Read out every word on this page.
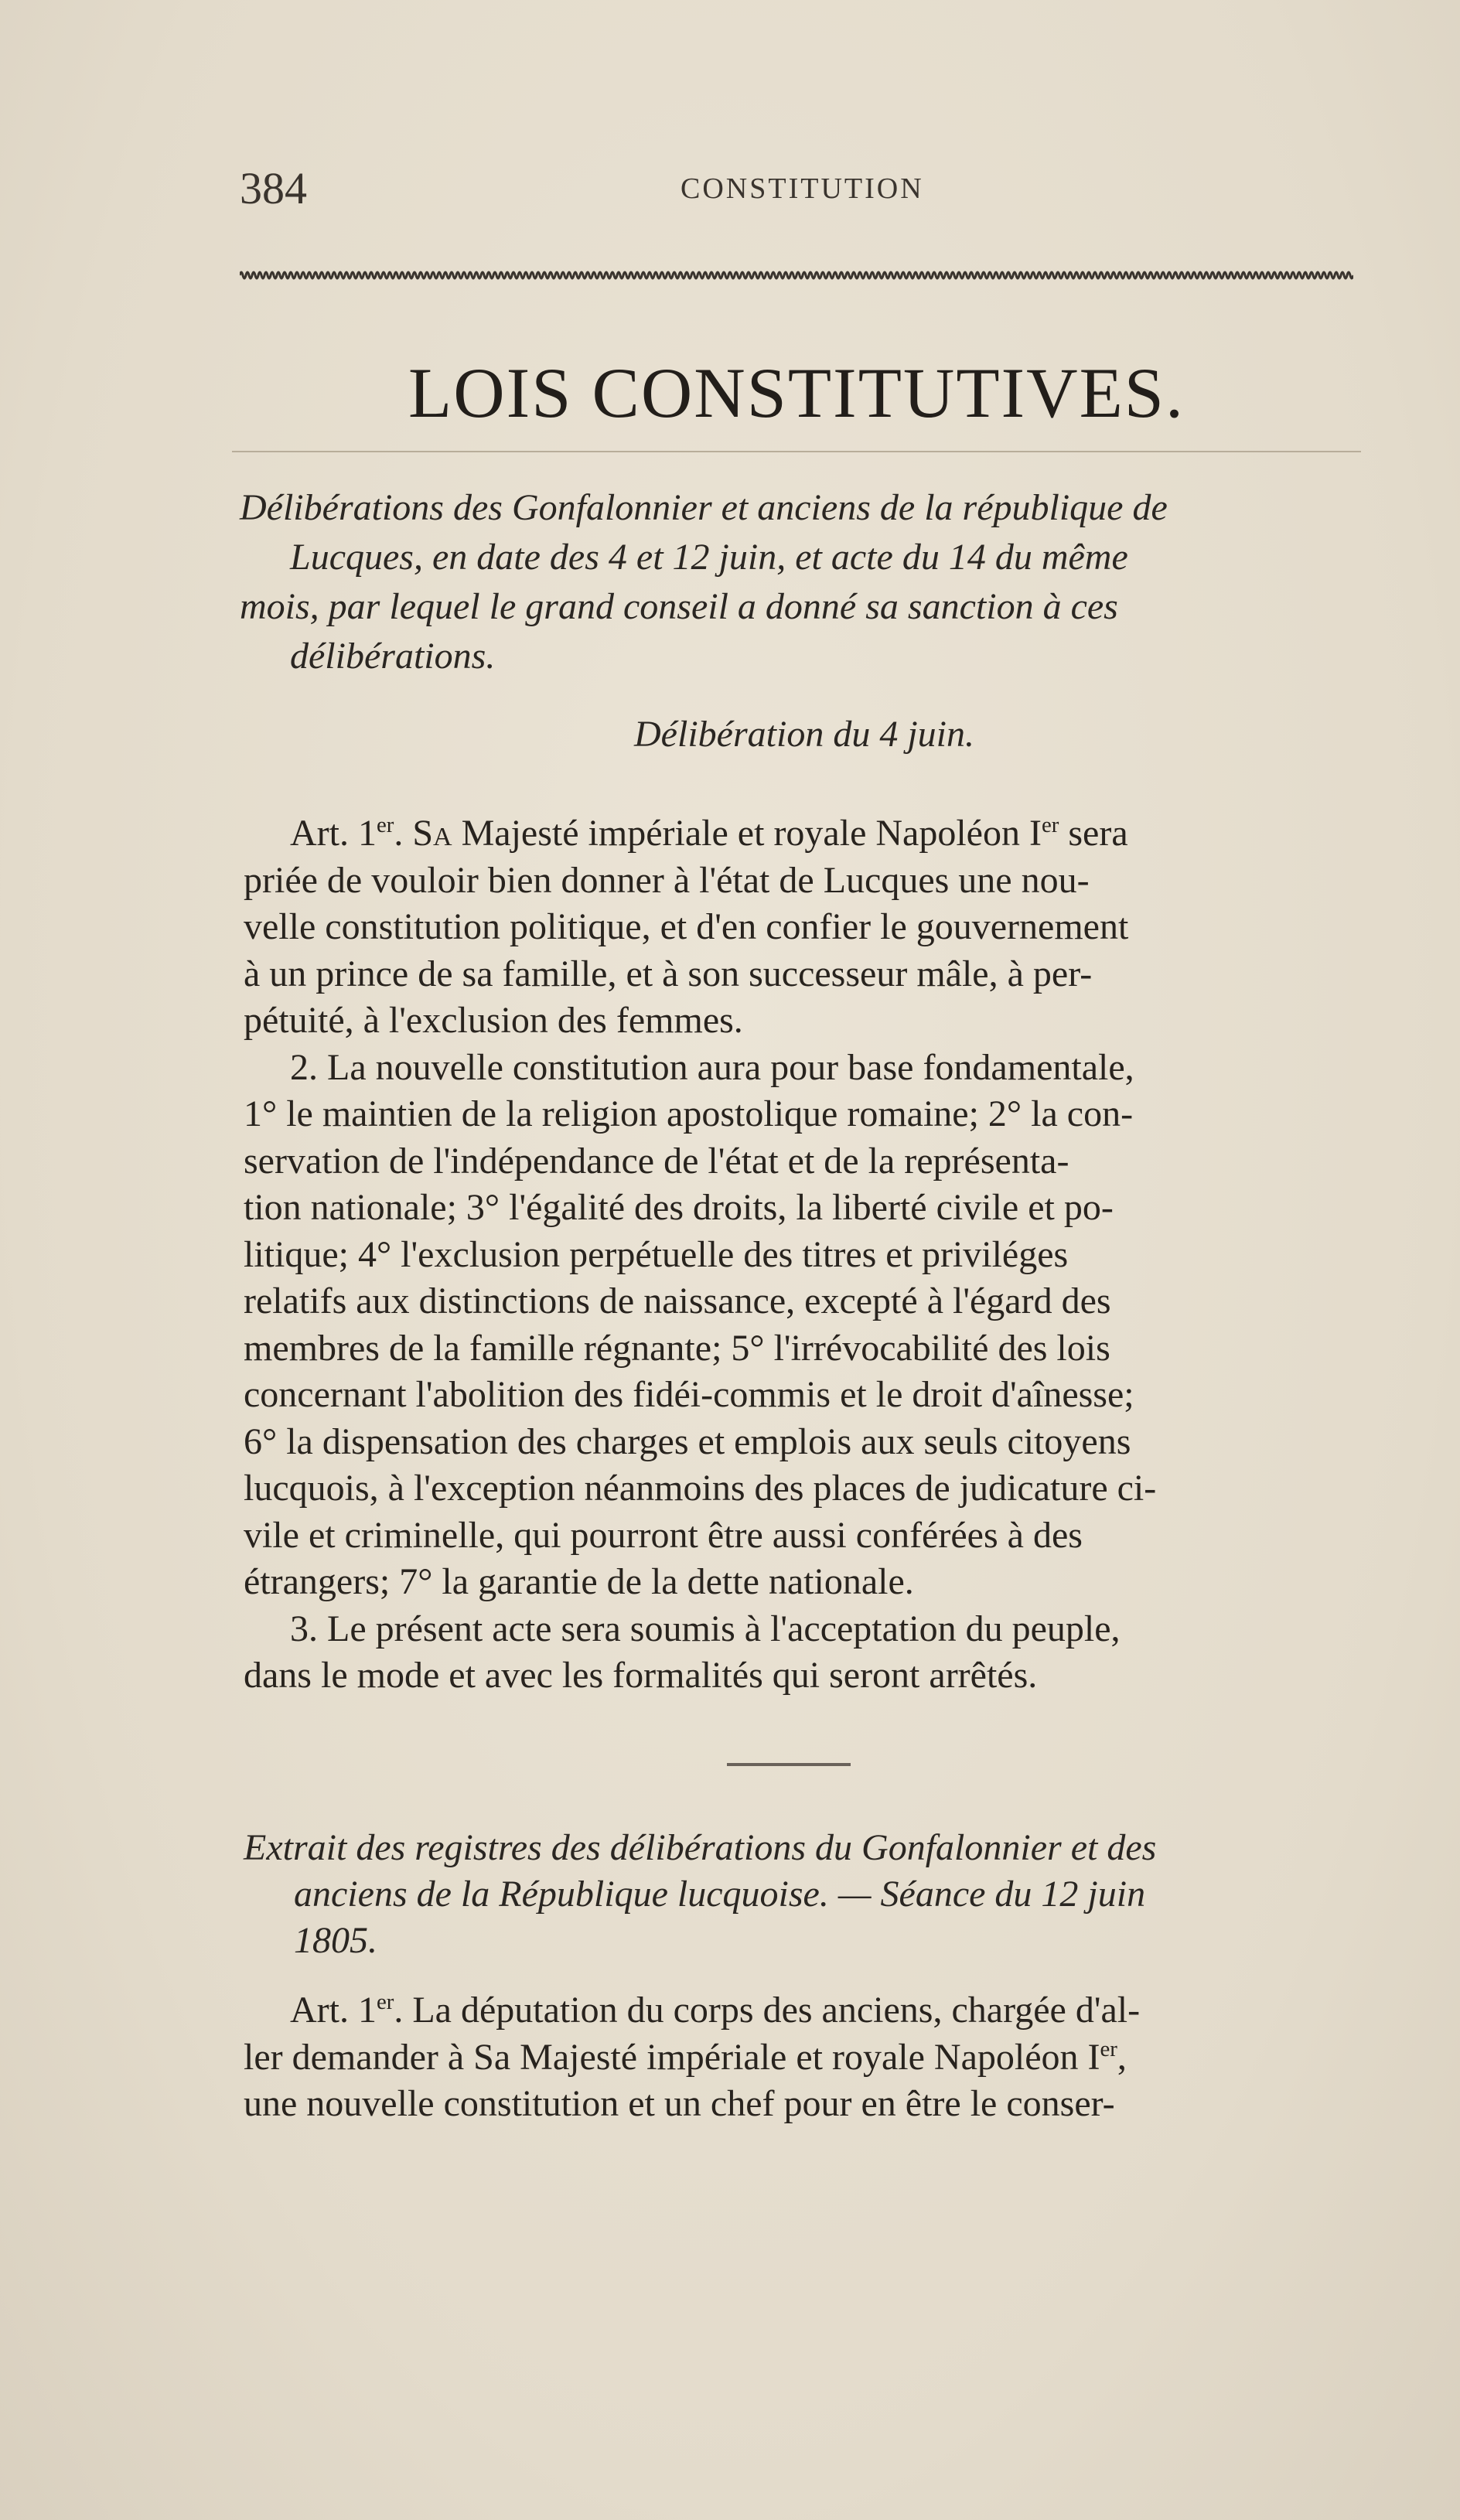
384	CONSTITUTION
LOIS CONSTITUTIVES.
Délibérations des Gonfalonnier et anciens de la république de
Lucques, en date des 4 et 12 juin, et acte du 14 du même
mois, par lequel le grand conseil a donné sa sanction à ces
délibérations.
Délibération du 4 juin.
Art. 1er. Sa Majesté impériale et royale Napoléon Ier sera
priée de vouloir bien donner à l'état de Lucques une nou-
velle constitution politique, et d'en confier le gouvernement
à un prince de sa famille, et à son successeur mâle, à per-
pétuité, à l'exclusion des femmes.
2. La nouvelle constitution aura pour base fondamentale,
1° le maintien de la religion apostolique romaine; 2° la con-
servation de l'indépendance de l'état et de la représenta-
tion nationale; 3° l'égalité des droits, la liberté civile et po-
litique; 4° l'exclusion perpétuelle des titres et priviléges
relatifs aux distinctions de naissance, excepté à l'égard des
membres de la famille régnante; 5° l'irrévocabilité des lois
concernant l'abolition des fidéi-commis et le droit d'aînesse;
6° la dispensation des charges et emplois aux seuls citoyens
lucquois, à l'exception néanmoins des places de judicature ci-
vile et criminelle, qui pourront être aussi conférées à des
étrangers; 7° la garantie de la dette nationale.
3. Le présent acte sera soumis à l'acceptation du peuple,
dans le mode et avec les formalités qui seront arrêtés.
Extrait des registres des délibérations du Gonfalonnier et des
anciens de la République lucquoise. — Séance du 12 juin
1805.
Art. 1er. La députation du corps des anciens, chargée d'al-
ler demander à Sa Majesté impériale et royale Napoléon Ier,
une nouvelle constitution et un chef pour en être le conser-
